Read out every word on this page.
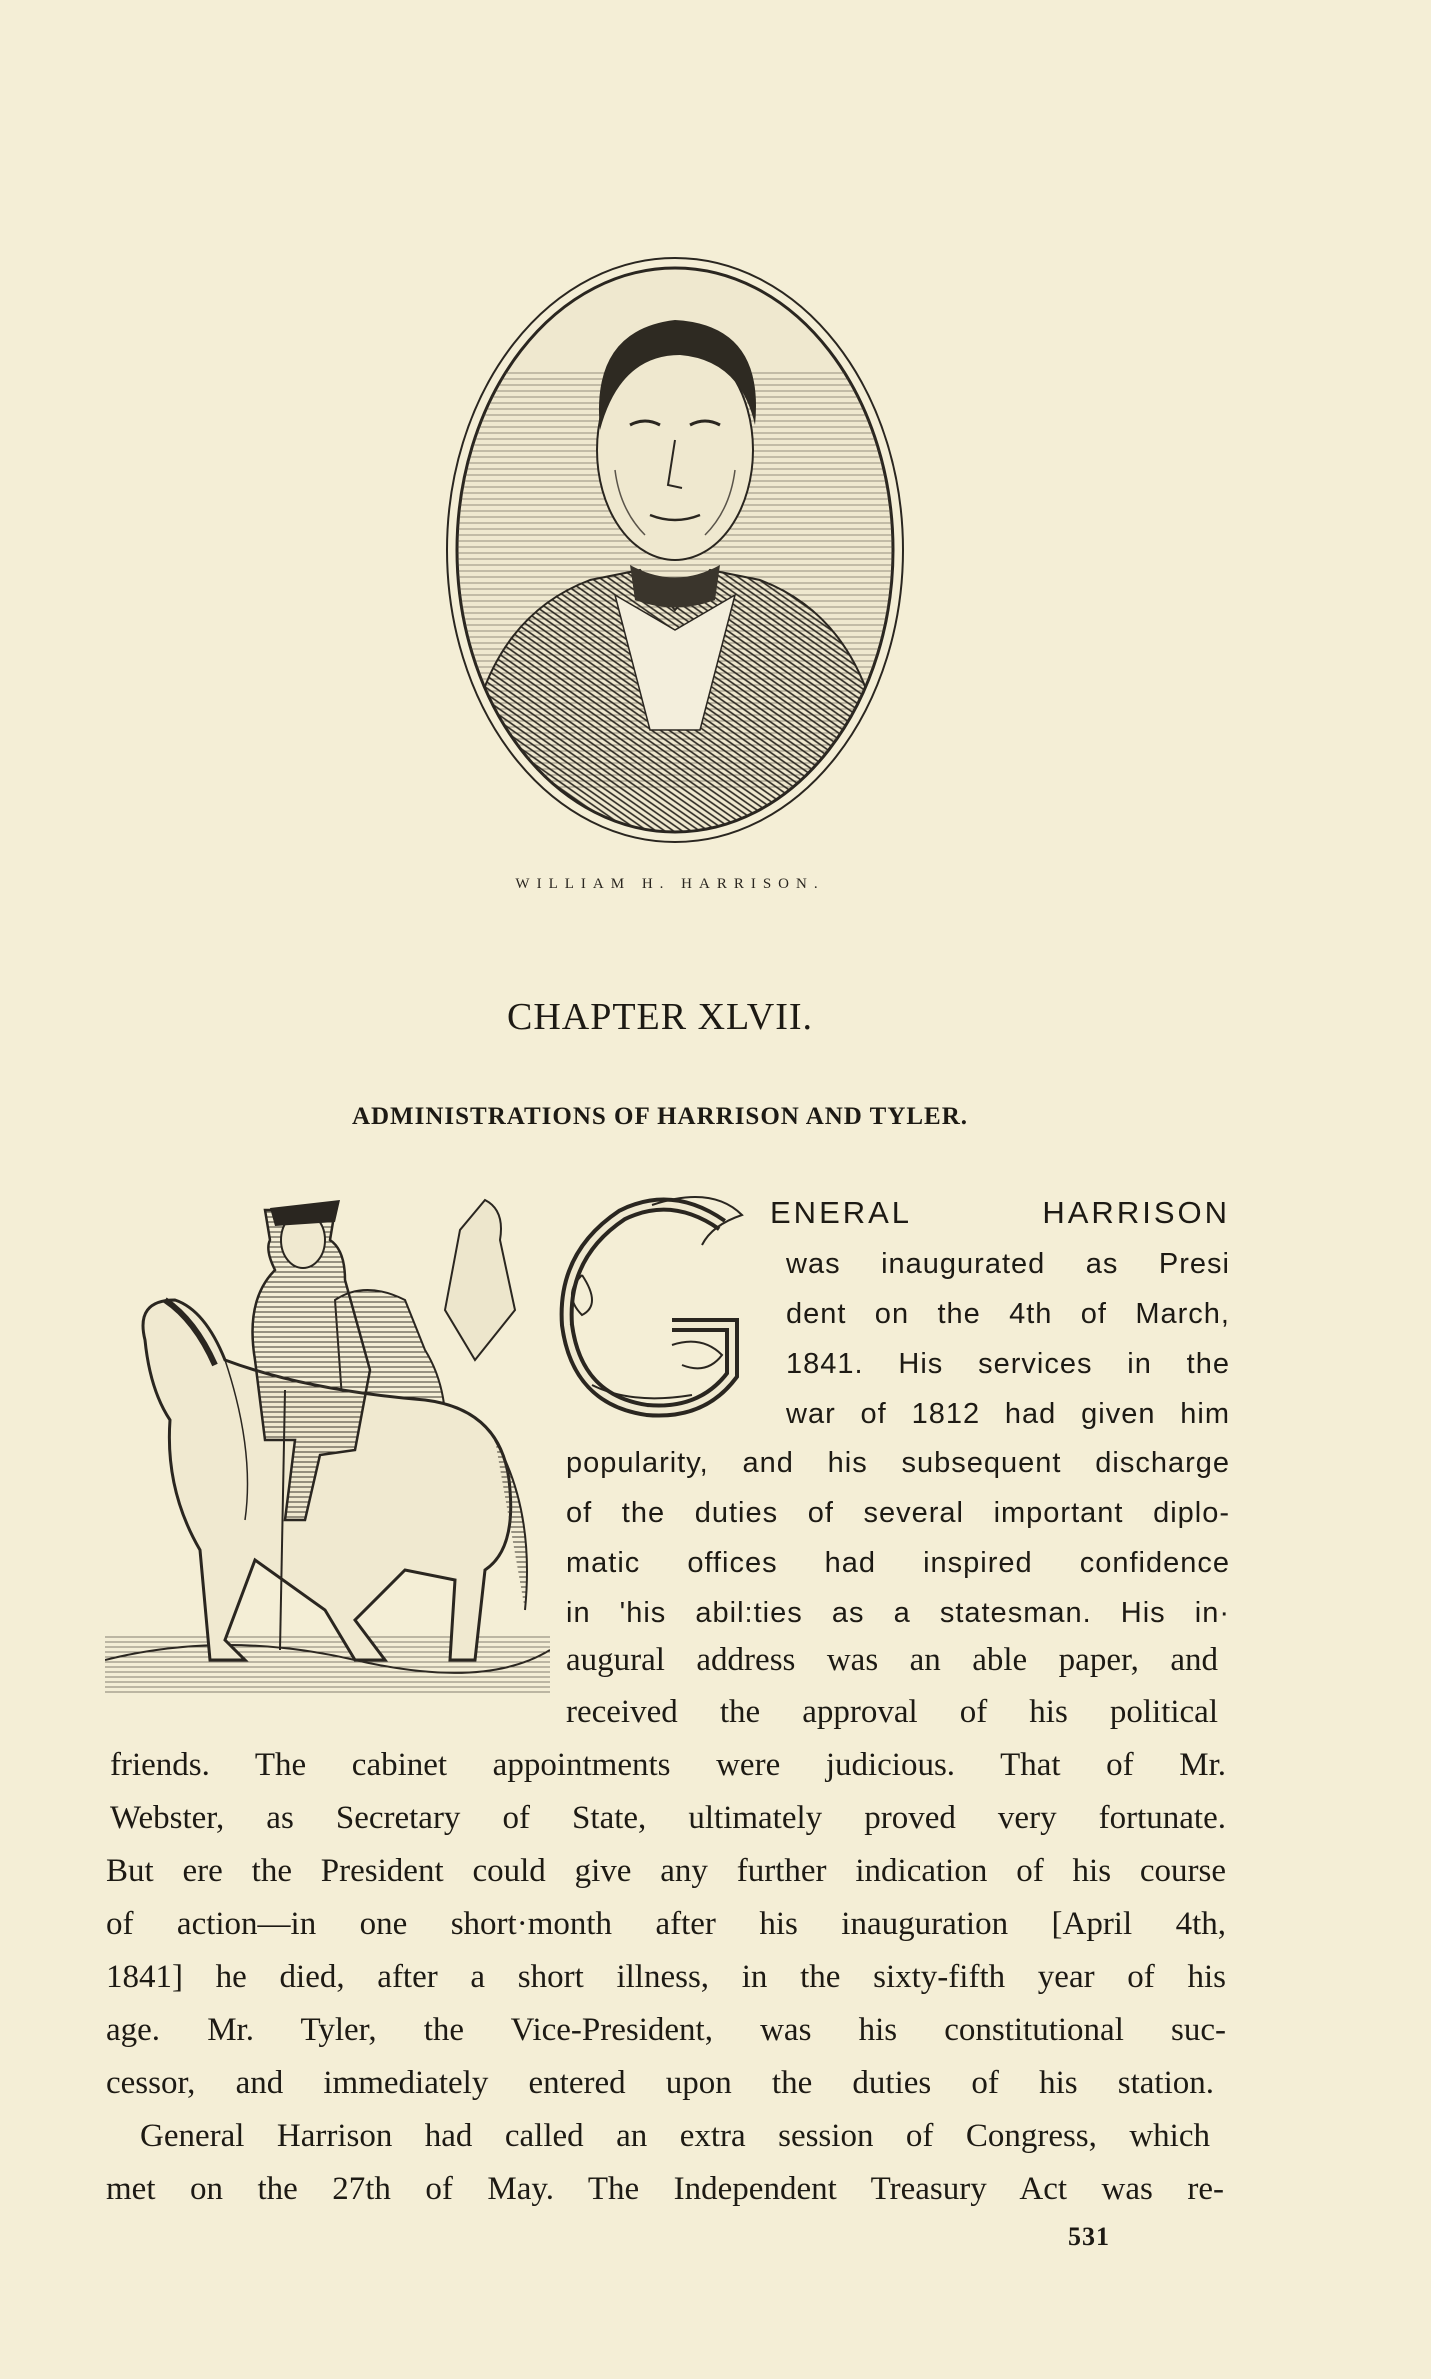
WILLIAM H. HARRISON.
CHAPTER XLVII.
ADMINISTRATIONS OF HARRISON AND TYLER.
ENERAL HARRISON
was inaugurated as Presi
dent on the 4th of March,
1841. His services in the
war of 1812 had given him
popularity, and his subsequent discharge
of the duties of several important diplo-
matic offices had inspired confidence
in 'his abil:ties as a statesman. His in·
augural address was an able paper, and
received the approval of his political
friends. The cabinet appointments were judicious. That of Mr.
Webster, as Secretary of State, ultimately proved very fortunate.
But ere the President could give any further indication of his course
of action—in one short·month after his inauguration [April 4th,
1841] he died, after a short illness, in the sixty-fifth year of his
age. Mr. Tyler, the Vice-President, was his constitutional suc-
cessor, and immediately entered upon the duties of his station.
General Harrison had called an extra session of Congress, which
met on the 27th of May. The Independent Treasury Act was re-
531
